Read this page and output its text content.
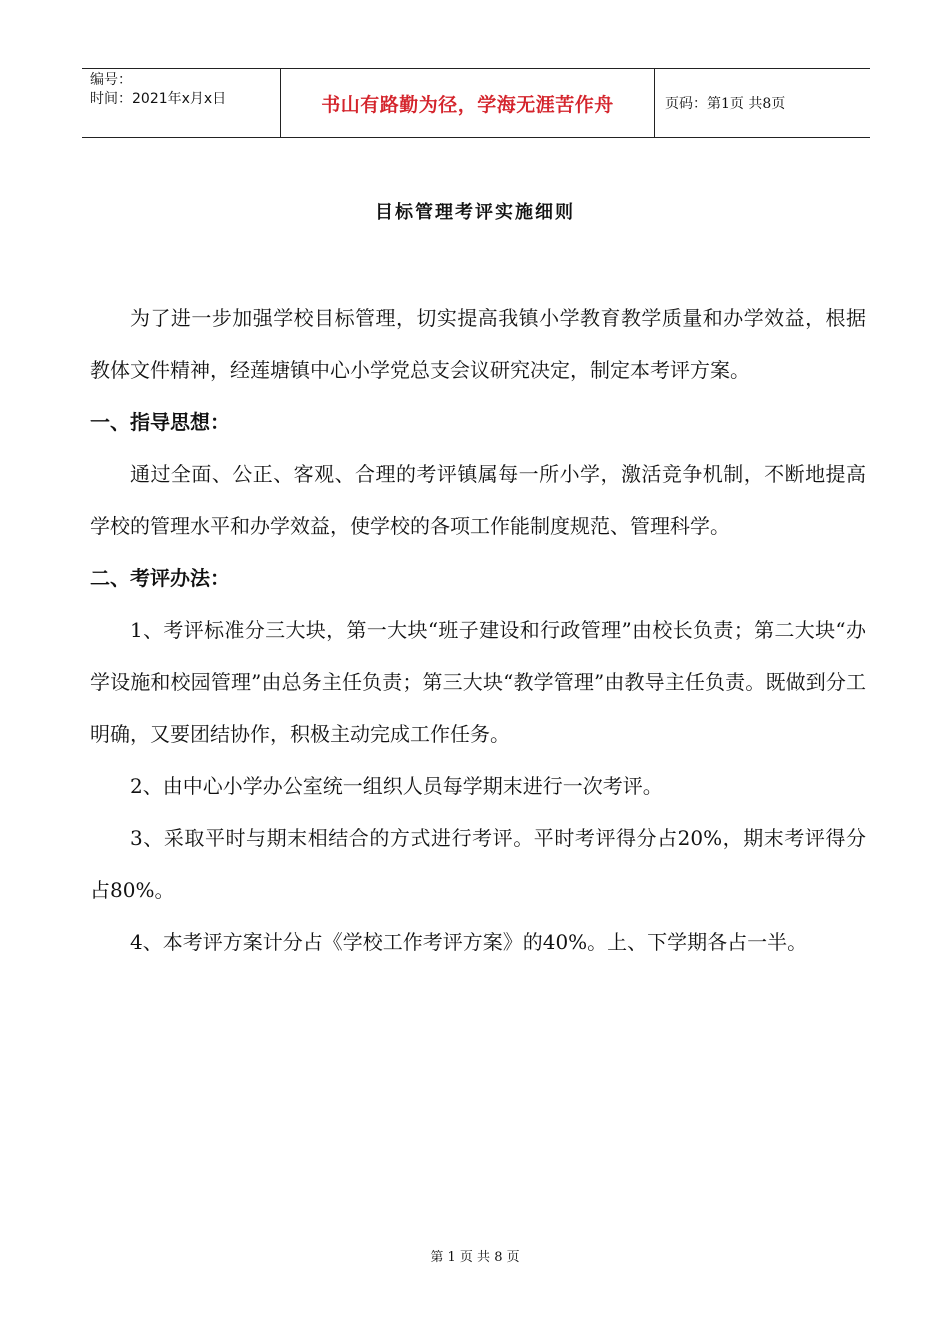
编号：
时间：2021年x月x日	书山有路勤为径，学海无涯苦作舟	页码：第1页 共8页
目标管理考评实施细则

为了进一步加强学校目标管理，切实提高我镇小学教育教学质量和办学效益，根据教体文件精神，经莲塘镇中心小学党总支会议研究决定，制定本考评方案。

一、指导思想：

通过全面、公正、客观、合理的考评镇属每一所小学，激活竞争机制，不断地提高学校的管理水平和办学效益，使学校的各项工作能制度规范、管理科学。

二、考评办法：

1、考评标准分三大块，第一大块“班子建设和行政管理”由校长负责；第二大块“办学设施和校园管理”由总务主任负责；第三大块“教学管理”由教导主任负责。既做到分工明确，又要团结协作，积极主动完成工作任务。

2、由中心小学办公室统一组织人员每学期末进行一次考评。

3、采取平时与期末相结合的方式进行考评。平时考评得分占20%，期末考评得分占80%。

4、本考评方案计分占《学校工作考评方案》的40%。上、下学期各占一半。

第 1 页 共 8 页
